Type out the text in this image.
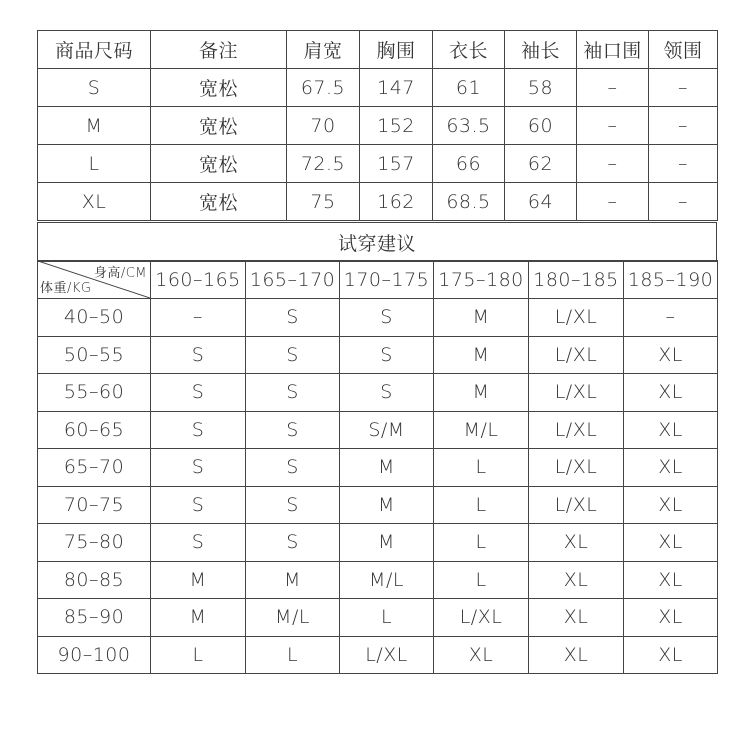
商品尺码	备注	肩宽	胸围	衣长	袖长	袖口围	领围
S	宽松	67.5	147	61	58	–	–
M	宽松	70	152	63.5	60	–	–
L	宽松	72.5	157	66	62	–	–
XL	宽松	75	162	68.5	64	–	–
试穿建议
身高/CM
体重/KG	160–165	165–170	170–175	175–180	180–185	185–190
40–50	–	S	S	M	L/XL	–
50–55	S	S	S	M	L/XL	XL
55–60	S	S	S	M	L/XL	XL
60–65	S	S	S/M	M/L	L/XL	XL
65–70	S	S	M	L	L/XL	XL
70–75	S	S	M	L	L/XL	XL
75–80	S	S	M	L	XL	XL
80–85	M	M	M/L	L	XL	XL
85–90	M	M/L	L	L/XL	XL	XL
90–100	L	L	L/XL	XL	XL	XL
